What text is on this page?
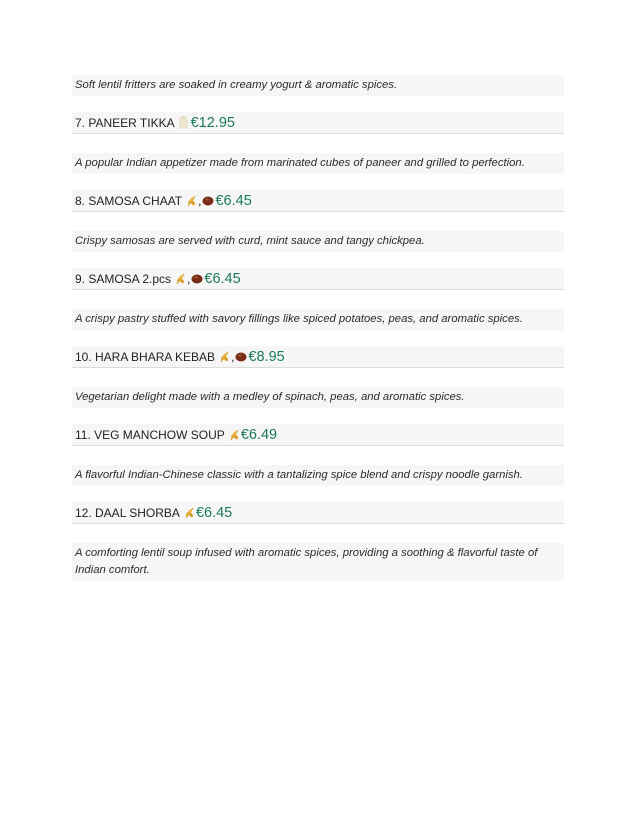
Soft lentil fritters are soaked in creamy yogurt & aromatic spices.
7. PANEER TIKKA €12.95
A popular Indian appetizer made from marinated cubes of paneer and grilled to perfection.
8. SAMOSA CHAAT , €6.45
Crispy samosas are served with curd, mint sauce and tangy chickpea.
9. SAMOSA 2.pcs , €6.45
A crispy pastry stuffed with savory fillings like spiced potatoes, peas, and aromatic spices.
10. HARA BHARA KEBAB , €8.95
Vegetarian delight made with a medley of spinach, peas, and aromatic spices.
11. VEG MANCHOW SOUP €6.49
A flavorful Indian-Chinese classic with a tantalizing spice blend and crispy noodle garnish.
12. DAAL SHORBA €6.45
A comforting lentil soup infused with aromatic spices, providing a soothing & flavorful taste of Indian comfort.
